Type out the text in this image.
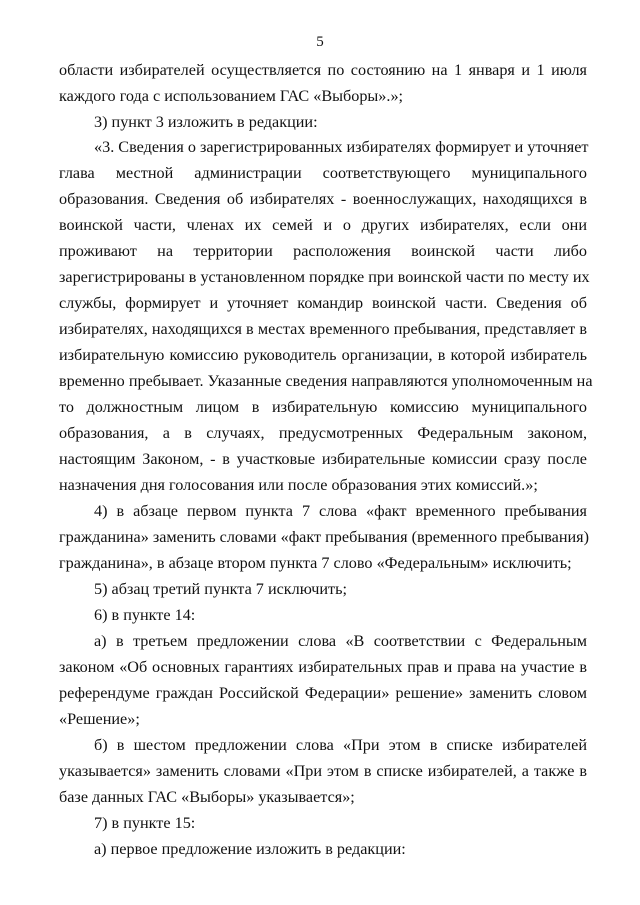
5
области избирателей осуществляется по состоянию на 1 января и 1 июля
каждого года с использованием ГАС «Выборы».»;
3) пункт 3 изложить в редакции:
«3. Сведения о зарегистрированных избирателях формирует и уточняет
глава местной администрации соответствующего муниципального
образования. Сведения об избирателях - военнослужащих, находящихся в
воинской части, членах их семей и о других избирателях, если они
проживают на территории расположения воинской части либо
зарегистрированы в установленном порядке при воинской части по месту их
службы, формирует и уточняет командир воинской части. Сведения об
избирателях, находящихся в местах временного пребывания, представляет в
избирательную комиссию руководитель организации, в которой избиратель
временно пребывает. Указанные сведения направляются уполномоченным на
то должностным лицом в избирательную комиссию муниципального
образования, а в случаях, предусмотренных Федеральным законом,
настоящим Законом, - в участковые избирательные комиссии сразу после
назначения дня голосования или после образования этих комиссий.»;
4) в абзаце первом пункта 7 слова «факт временного пребывания
гражданина» заменить словами «факт пребывания (временного пребывания)
гражданина», в абзаце втором пункта 7 слово «Федеральным» исключить;
5) абзац третий пункта 7 исключить;
6) в пункте 14:
а) в третьем предложении слова «В соответствии с Федеральным
законом «Об основных гарантиях избирательных прав и права на участие в
референдуме граждан Российской Федерации» решение» заменить словом
«Решение»;
б) в шестом предложении слова «При этом в списке избирателей
указывается» заменить словами «При этом в списке избирателей, а также в
базе данных ГАС «Выборы» указывается»;
7) в пункте 15:
а) первое предложение изложить в редакции:
